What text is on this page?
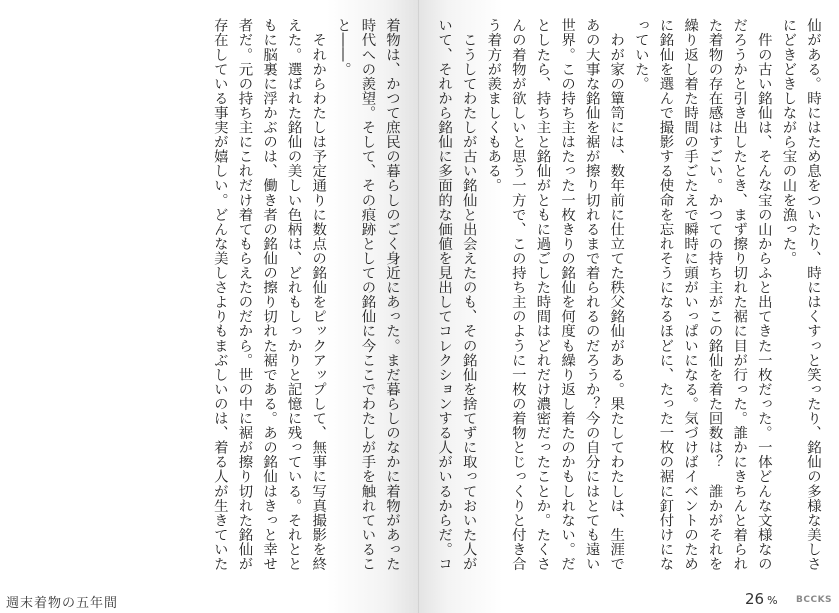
着物は、かつて庶民の暮らしのごく身近にあった。まだ暮らしのなかに着物があった時代への羨望。そして、その痕跡としての銘仙に今ここでわたしが手を触れていること――。
　それからわたしは予定通りに数点の銘仙をピックアップして、無事に写真撮影を終えた。選ばれた銘仙の美しい色柄は、どれもしっかりと記憶に残っている。それとともに脳裏に浮かぶのは、働き者の銘仙の擦り切れた裾である。あの銘仙はきっと幸せ者だ。元の持ち主にこれだけ着てもらえたのだから。世の中に裾が擦り切れた銘仙が存在している事実が嬉しい。どんな美しさよりもまぶしいのは、着る人が生きていた
週末着物の五年間
仙がある。時にはため息をついたり、時にはくすっと笑ったり、銘仙の多様な美しさにどきどきしながら宝の山を漁った。
　件の古い銘仙は、そんな宝の山からふと出てきた一枚だった。一体どんな文様なのだろうかと引き出したとき、まず擦り切れた裾に目が行った。誰かにきちんと着られた着物の存在感はすごい。かつての持ち主がこの銘仙を着た回数は？　誰かがそれを繰り返し着た時間の手ごたえで瞬時に頭がいっぱいになる。気づけばイベントのために銘仙を選んで撮影する使命を忘れそうになるほどに、たった一枚の裾に釘付けになっていた。
　わが家の簞笥には、数年前に仕立てた秩父銘仙がある。果たしてわたしは、生涯であの大事な銘仙を裾が擦り切れるまで着られるのだろうか？今の自分にはとても遠い世界。この持ち主はたった一枚きりの銘仙を何度も繰り返し着たのかもしれない。だとしたら、持ち主と銘仙がともに過ごした時間はどれだけ濃密だったことか。たくさんの着物が欲しいと思う一方で、この持ち主のように一枚の着物とじっくりと付き合う着方が羨ましくもある。
　こうしてわたしが古い銘仙と出会えたのも、その銘仙を捨てずに取っておいた人がいて、それから銘仙に多面的な価値を見出してコレクションする人がいるからだ。コ
26 % BCCKS
